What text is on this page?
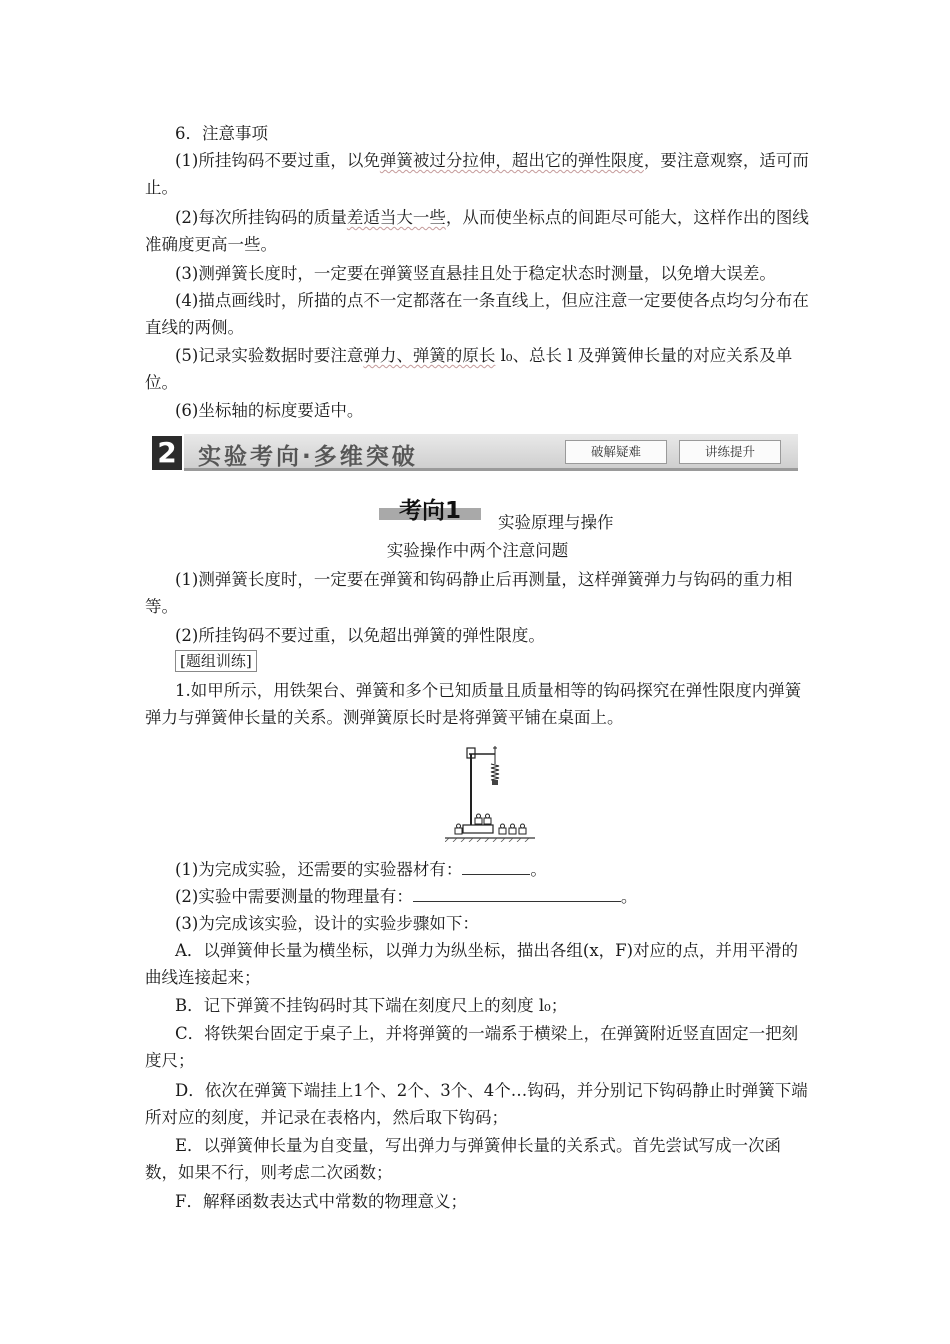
6．注意事项

(1)所挂钩码不要过重，以免弹簧被过分拉伸，超出它的弹性限度，要注意观察，适可而止。

(2)每次所挂钩码的质量差适当大一些，从而使坐标点的间距尽可能大，这样作出的图线准确度更高一些。

(3)测弹簧长度时，一定要在弹簧竖直悬挂且处于稳定状态时测量，以免增大误差。

(4)描点画线时，所描的点不一定都落在一条直线上，但应注意一定要使各点均匀分布在直线的两侧。

(5)记录实验数据时要注意弹力、弹簧的原长 l₀、总长 l 及弹簧伸长量的对应关系及单位。

(6)坐标轴的标度要适中。

2 实验考向·多维突破	破解疑难	讲练提升
考向1	实验原理与操作
实验操作中两个注意问题

(1)测弹簧长度时，一定要在弹簧和钩码静止后再测量，这样弹簧弹力与钩码的重力相等。

(2)所挂钩码不要过重，以免超出弹簧的弹性限度。

[题组训练]

1.如甲所示，用铁架台、弹簧和多个已知质量且质量相等的钩码探究在弹性限度内弹簧弹力与弹簧伸长量的关系。测弹簧原长时是将弹簧平铺在桌面上。

(1)为完成实验，还需要的实验器材有：	。

(2)实验中需要测量的物理量有：	。

(3)为完成该实验，设计的实验步骤如下：

A．以弹簧伸长量为横坐标，以弹力为纵坐标，描出各组(x，F)对应的点，并用平滑的曲线连接起来；

B．记下弹簧不挂钩码时其下端在刻度尺上的刻度 l₀；

C．将铁架台固定于桌子上，并将弹簧的一端系于横梁上，在弹簧附近竖直固定一把刻度尺；

D．依次在弹簧下端挂上1个、2个、3个、4个…钩码，并分别记下钩码静止时弹簧下端所对应的刻度，并记录在表格内，然后取下钩码；

E．以弹簧伸长量为自变量，写出弹力与弹簧伸长量的关系式。首先尝试写成一次函数，如果不行，则考虑二次函数；

F．解释函数表达式中常数的物理意义；
